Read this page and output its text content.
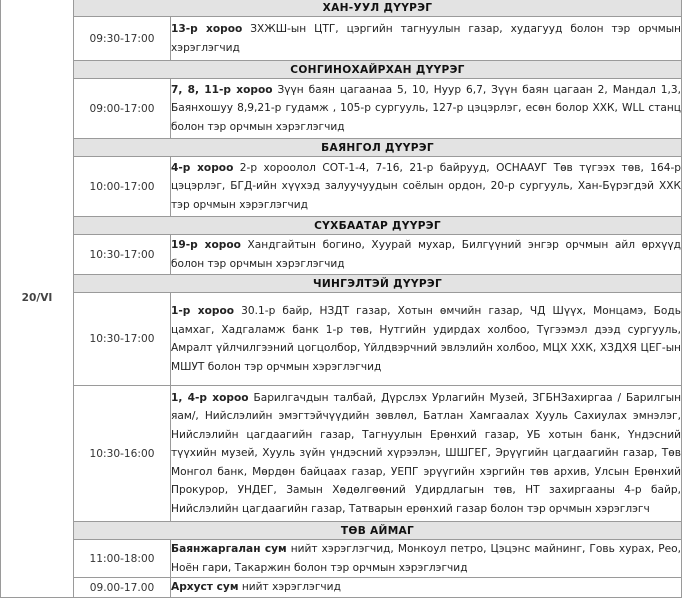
20/VI	ХАН-УУЛ ДҮҮРЭГ	
	09:30-17:00	13-р хороо ЗХЖШ-ын ЦТГ, цэргийн тагнуулын газар, худагууд болон тэр орчмын хэрэглэгчид
	СОНГИНОХАЙРХАН ДҮҮРЭГ	
	09:00-17:00	7, 8, 11-р хороо Зүүн баян цагаанаа 5, 10, Нуур 6,7, Зүүн баян цагаан 2, Мандал 1,3, Баянхошуу 8,9,21-р гудамж , 105-р сургууль, 127-р цэцэрлэг, есөн болор ХХК, WLL станц болон тэр орчмын хэрэглэгчид
	БАЯНГОЛ ДҮҮРЭГ	
	10:00-17:00	4-р хороо 2-р хороолол СОТ-1-4, 7-16, 21-р байрууд, ОСНААУГ Төв түгээх төв, 164-р цэцэрлэг, БГД-ийн хүүхэд залуучуудын соёлын ордон, 20-р сургууль, Хан-Бүрэгдэй ХХК тэр орчмын хэрэглэгчид
	СҮХБААТАР ДҮҮРЭГ	
	10:30-17:00	19-р хороо Хандгайтын богино, Хуурай мухар, Билгүүний энгэр орчмын айл өрхүүд болон тэр орчмын хэрэглэгчид
	ЧИНГЭЛТЭЙ ДҮҮРЭГ	
	10:30-17:00	1-р хороо 30.1-р байр, НЗДТ газар, Хотын өмчийн газар, ЧД Шүүх, Монцамэ, Бодь цамхаг, Хадгаламж банк 1-р төв, Нутгийн удирдах холбоо, Түгээмэл дээд сургууль, Амралт үйлчилгээний цогцолбор, Үйлдвэрчний эвлэлийн холбоо, МЦХ ХХК, ХЗДХЯ ЦЕГ-ын МШУТ болон тэр орчмын хэрэглэгчид
	10:30-16:00	1, 4-р хороо Барилгачдын талбай, Дүрслэх Урлагийн Музей, ЗГБНЗахиргаа / Барилгын яам/, Нийслэлийн эмэгтэйчүүдийн зөвлөл, Батлан Хамгаалах Хууль Сахиулах эмнэлэг, Нийслэлийн цагдаагийн газар, Тагнуулын Ерөнхий газар, УБ хотын банк, Үндэсний түүхийн музей, Хууль зүйн үндэсний хүрээлэн, ШШГЕГ, Эрүүгийн цагдаагийн газар, Төв Монгол банк, Мөрдөн байцаах газар, УЕПГ эрүүгийн хэргийн төв архив, Улсын Ерөнхий Прокурор, УНДЕГ, Замын Хөдөлгөөний Удирдлагын төв, НТ захиргааны 4-р байр, Нийслэлийн цагдаагийн газар, Татварын ерөнхий газар болон тэр орчмын хэрэглэгч
	ТӨВ АЙМАГ	
	11:00-18:00	Баянжаргалан сум нийт хэрэглэгчид, Монкоул петро, Цэцэнс майнинг, Говь хурах, Рео, Ноён гари, Такаржин болон тэр орчмын хэрэглэгчид
	09.00-17.00	Архуст сум нийт хэрэглэгчид
